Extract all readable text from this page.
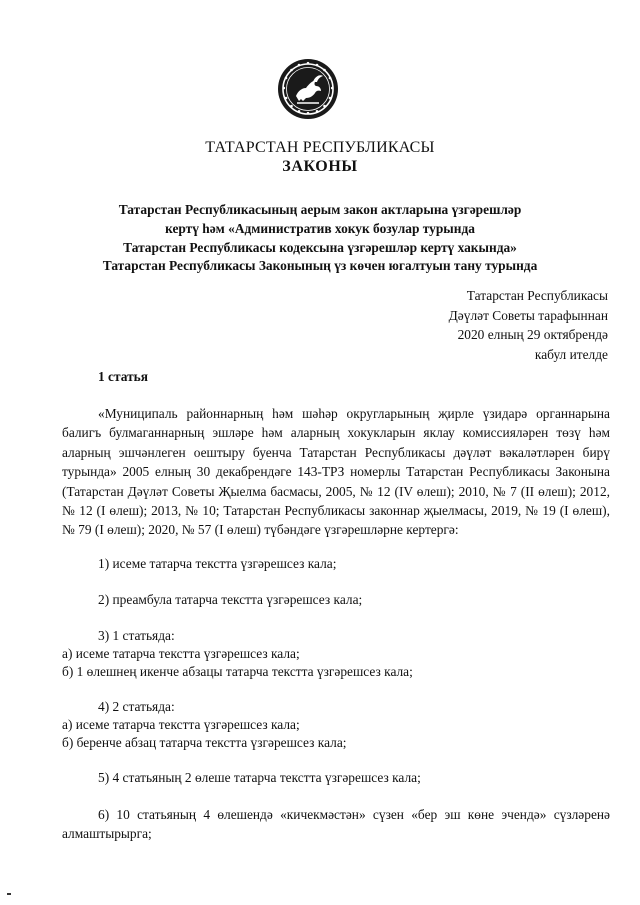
ТАТАРСТАН РЕСПУБЛИКАСЫ
ЗАКОНЫ
Татарстан Республикасының аерым закон актларына үзгәрешләр
кертү һәм «Административ хокук бозулар турында
Татарстан Республикасы кодексына үзгәрешләр кертү хакында»
Татарстан Республикасы Законының үз көчен югалтуын тану турында
Татарстан Республикасы
Дәүләт Советы тарафыннан
2020 елның 29 октябрендә
кабул ителде
1 статья
«Муниципаль районнарның һәм шәһәр округларының җирле үзидарә органнарына балигъ булмаганнарның эшләре һәм аларның хокукларын яклау комиссияләрен төзү һәм аларның эшчәнлеген оештыру буенча Татарстан Республикасы дәүләт вәкаләтләрен бирү турында» 2005 елның 30 декабрендәге 143-ТРЗ номерлы Татарстан Республикасы Законына (Татарстан Дәүләт Советы Җыелма басмасы, 2005, № 12 (IV өлеш); 2010, № 7 (II өлеш); 2012, № 12 (I өлеш); 2013, № 10; Татарстан Республикасы законнар җыелмасы, 2019, № 19 (I өлеш), № 79 (I өлеш); 2020, № 57 (I өлеш) түбәндәге үзгәрешләрне кертергә:
1) исеме татарча текстта үзгәрешсез кала;
2) преамбула татарча текстта үзгәрешсез кала;
3) 1 статьяда:
а) исеме татарча текстта үзгәрешсез кала;
б) 1 өлешнең икенче абзацы татарча текстта үзгәрешсез кала;
4) 2 статьяда:
а) исеме татарча текстта үзгәрешсез кала;
б) беренче абзац татарча текстта үзгәрешсез кала;
5) 4 статьяның 2 өлеше татарча текстта үзгәрешсез кала;
6) 10 статьяның 4 өлешендә «кичекмәстән» сүзен «бер эш көне эчендә» сүзләренә алмаштырырга;
